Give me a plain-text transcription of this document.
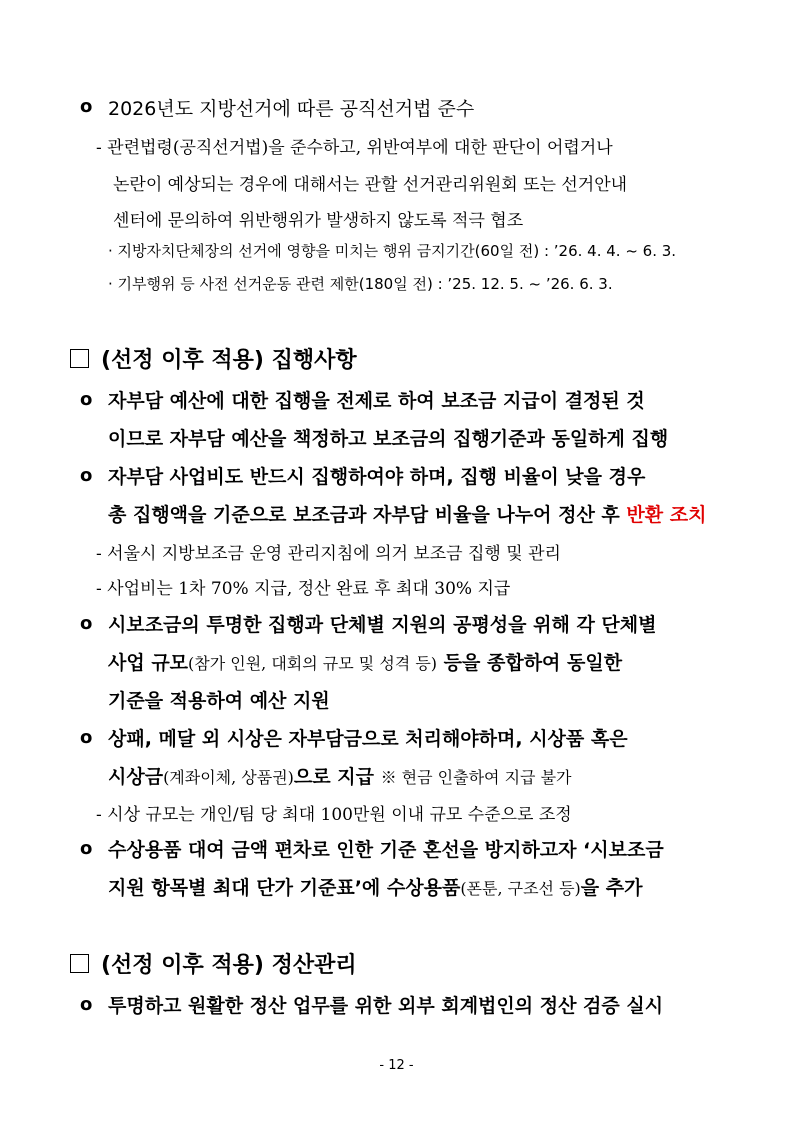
o 2026년도 지방선거에 따른 공직선거법 준수
- 관련법령(공직선거법)을 준수하고, 위반여부에 대한 판단이 어렵거나
논란이 예상되는 경우에 대해서는 관할 선거관리위원회 또는 선거안내
센터에 문의하여 위반행위가 발생하지 않도록 적극 협조
· 지방자치단체장의 선거에 영향을 미치는 행위 금지기간(60일 전) : ’26. 4. 4. ~ 6. 3.
· 기부행위 등 사전 선거운동 관련 제한(180일 전) : ’25. 12. 5. ~ ’26. 6. 3.
(선정 이후 적용) 집행사항
o 자부담 예산에 대한 집행을 전제로 하여 보조금 지급이 결정된 것
이므로 자부담 예산을 책정하고 보조금의 집행기준과 동일하게 집행
o 자부담 사업비도 반드시 집행하여야 하며, 집행 비율이 낮을 경우
총 집행액을 기준으로 보조금과 자부담 비율을 나누어 정산 후 반환 조치
- 서울시 지방보조금 운영 관리지침에 의거 보조금 집행 및 관리
- 사업비는 1차 70% 지급, 정산 완료 후 최대 30% 지급
o 시보조금의 투명한 집행과 단체별 지원의 공평성을 위해 각 단체별
사업 규모(참가 인원, 대회의 규모 및 성격 등) 등을 종합하여 동일한
기준을 적용하여 예산 지원
o 상패, 메달 외 시상은 자부담금으로 처리해야하며, 시상품 혹은
시상금(계좌이체, 상품권)으로 지급 ※ 현금 인출하여 지급 불가
- 시상 규모는 개인/팀 당 최대 100만원 이내 규모 수준으로 조정
o 수상용품 대여 금액 편차로 인한 기준 혼선을 방지하고자 ‘시보조금
지원 항목별 최대 단가 기준표’에 수상용품(폰툰, 구조선 등)을 추가
(선정 이후 적용) 정산관리
o 투명하고 원활한 정산 업무를 위한 외부 회계법인의 정산 검증 실시
- 12 -
